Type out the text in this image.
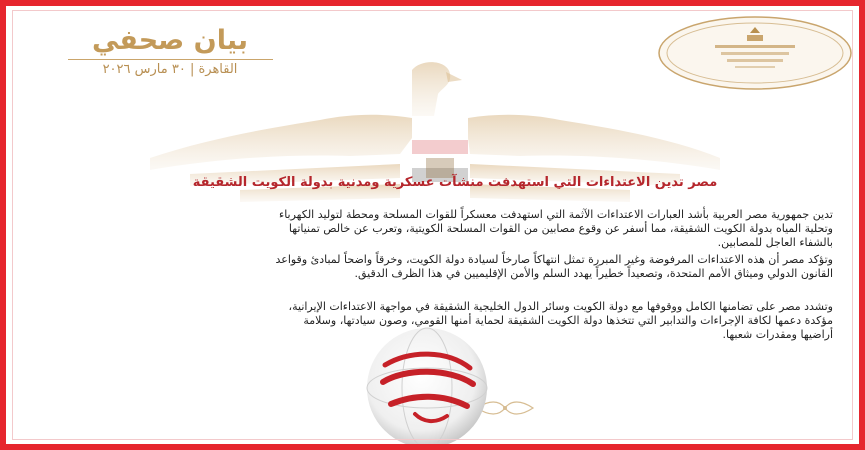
بيان صحفي
القاهرة | ٣٠ مارس ٢٠٢٦
مصر تدين الاعتداءات التي استهدفت منشآت عسكرية ومدنية بدولة الكويت الشقيقة
تدين جمهورية مصر العربية بأشد العبارات الاعتداءات الآثمة التي استهدفت معسكراً للقوات المسلحة ومحطة لتوليد الكهرباء وتحلية المياه بدولة الكويت الشقيقة، مما أسفر عن وقوع مصابين من القوات المسلحة الكويتية، وتعرب عن خالص تمنياتها بالشفاء العاجل للمصابين.
وتؤكد مصر أن هذه الاعتداءات المرفوضة وغير المبررة تمثل انتهاكاً صارخاً لسيادة دولة الكويت، وخرقاً واضحاً لمبادئ وقواعد القانون الدولي وميثاق الأمم المتحدة، وتصعيداً خطيراً يهدد السلم والأمن الإقليميين في هذا الظرف الدقيق.
وتشدد مصر على تضامنها الكامل ووقوفها مع دولة الكويت وسائر الدول الخليجية الشقيقة في مواجهة الاعتداءات الإيرانية، مؤكدة دعمها لكافة الإجراءات والتدابير التي تتخذها دولة الكويت الشقيقة لحماية أمنها القومي، وصون سيادتها، وسلامة أراضيها ومقدرات شعبها.
